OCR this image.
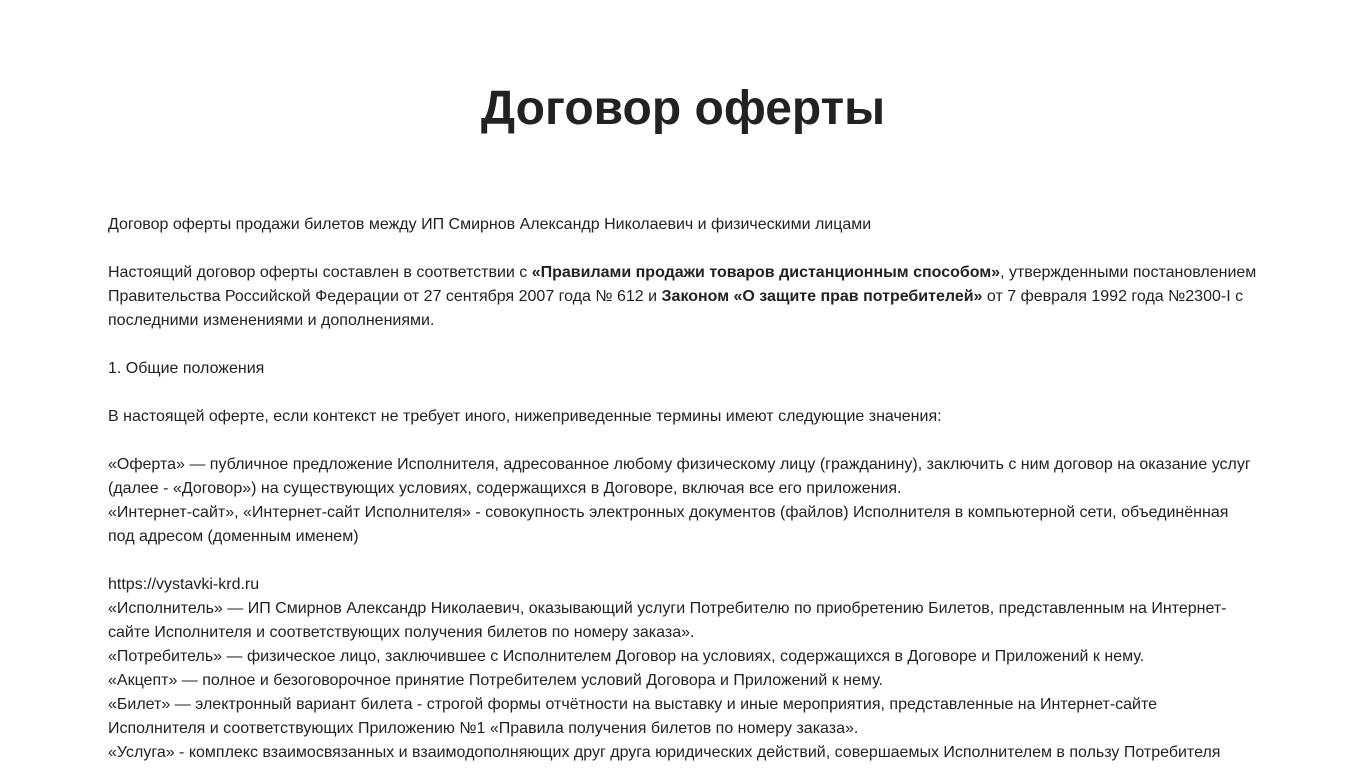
Договор оферты

Договор оферты продажи билетов между ИП Смирнов Александр Николаевич и физическими лицами

Настоящий договор оферты составлен в соответствии с «Правилами продажи товаров дистанционным способом», утвержденными постановлением Правительства Российской Федерации от 27 сентября 2007 года № 612 и Законом «О защите прав потребителей» от 7 февраля 1992 года №2300-I с последними изменениями и дополнениями.

1. Общие положения

В настоящей оферте, если контекст не требует иного, нижеприведенные термины имеют следующие значения:

«Оферта» — публичное предложение Исполнителя, адресованное любому физическому лицу (гражданину), заключить с ним договор на оказание услуг (далее - «Договор») на существующих условиях, содержащихся в Договоре, включая все его приложения.

«Интернет-сайт», «Интернет-сайт Исполнителя» - совокупность электронных документов (файлов) Исполнителя в компьютерной сети, объединённая под адресом (доменным именем)

https://vystavki-krd.ru

«Исполнитель» — ИП Смирнов Александр Николаевич, оказывающий услуги Потребителю по приобретению Билетов, представленным на Интернет-сайте Исполнителя и соответствующих получения билетов по номеру заказа».

«Потребитель» — физическое лицо, заключившее с Исполнителем Договор на условиях, содержащихся в Договоре и Приложений к нему.

«Акцепт» — полное и безоговорочное принятие Потребителем условий Договора и Приложений к нему.

«Билет» — электронный вариант билета - строгой формы отчётности на выставку и иные мероприятия, представленные на Интернет-сайте Исполнителя и соответствующих Приложению №1 «Правила получения билетов по номеру заказа».

«Услуга» - комплекс взаимосвязанных и взаимодополняющих друг друга юридических действий, совершаемых Исполнителем в пользу Потребителя
